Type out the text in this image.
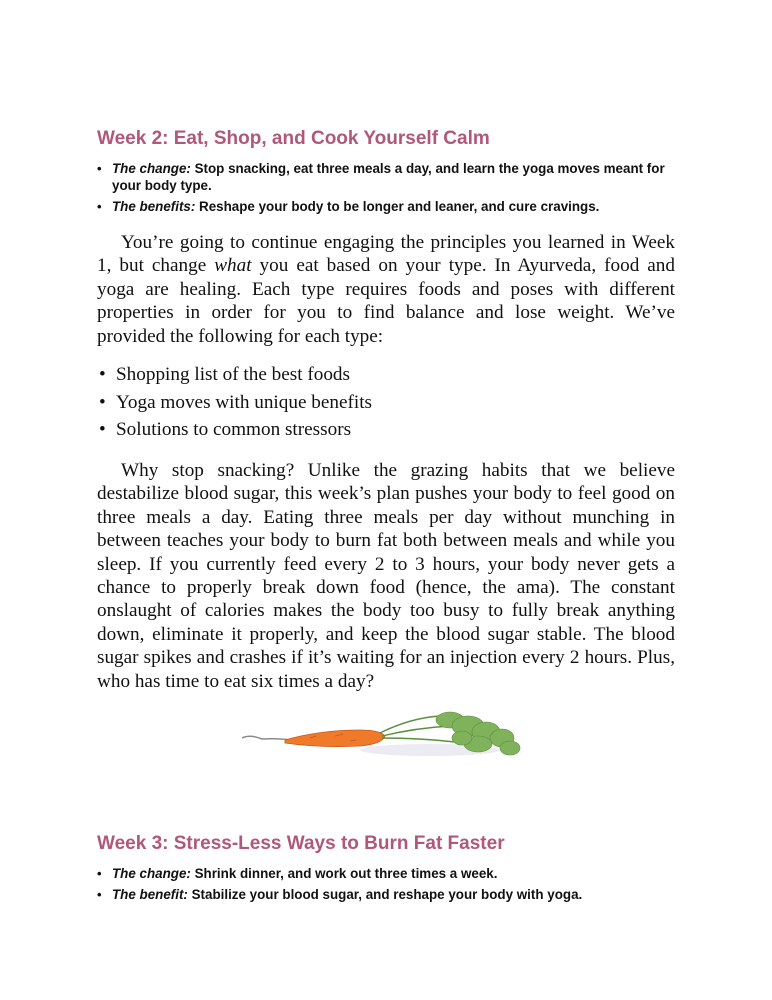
Week 2: Eat, Shop, and Cook Yourself Calm
• The change: Stop snacking, eat three meals a day, and learn the yoga moves meant for your body type.
• The benefits: Reshape your body to be longer and leaner, and cure cravings.

You’re going to continue engaging the principles you learned in Week 1, but change what you eat based on your type. In Ayurveda, food and yoga are healing. Each type requires foods and poses with different properties in order for you to find balance and lose weight. We’ve provided the following for each type:

• Shopping list of the best foods
• Yoga moves with unique benefits
• Solutions to common stressors

Why stop snacking? Unlike the grazing habits that we believe destabilize blood sugar, this week’s plan pushes your body to feel good on three meals a day. Eating three meals per day without munching in between teaches your body to burn fat both between meals and while you sleep. If you currently feed every 2 to 3 hours, your body never gets a chance to properly break down food (hence, the ama). The constant onslaught of calories makes the body too busy to fully break anything down, eliminate it properly, and keep the blood sugar stable. The blood sugar spikes and crashes if it’s waiting for an injection every 2 hours. Plus, who has time to eat six times a day?

Week 3: Stress-Less Ways to Burn Fat Faster
• The change: Shrink dinner, and work out three times a week.
• The benefit: Stabilize your blood sugar, and reshape your body with yoga.
